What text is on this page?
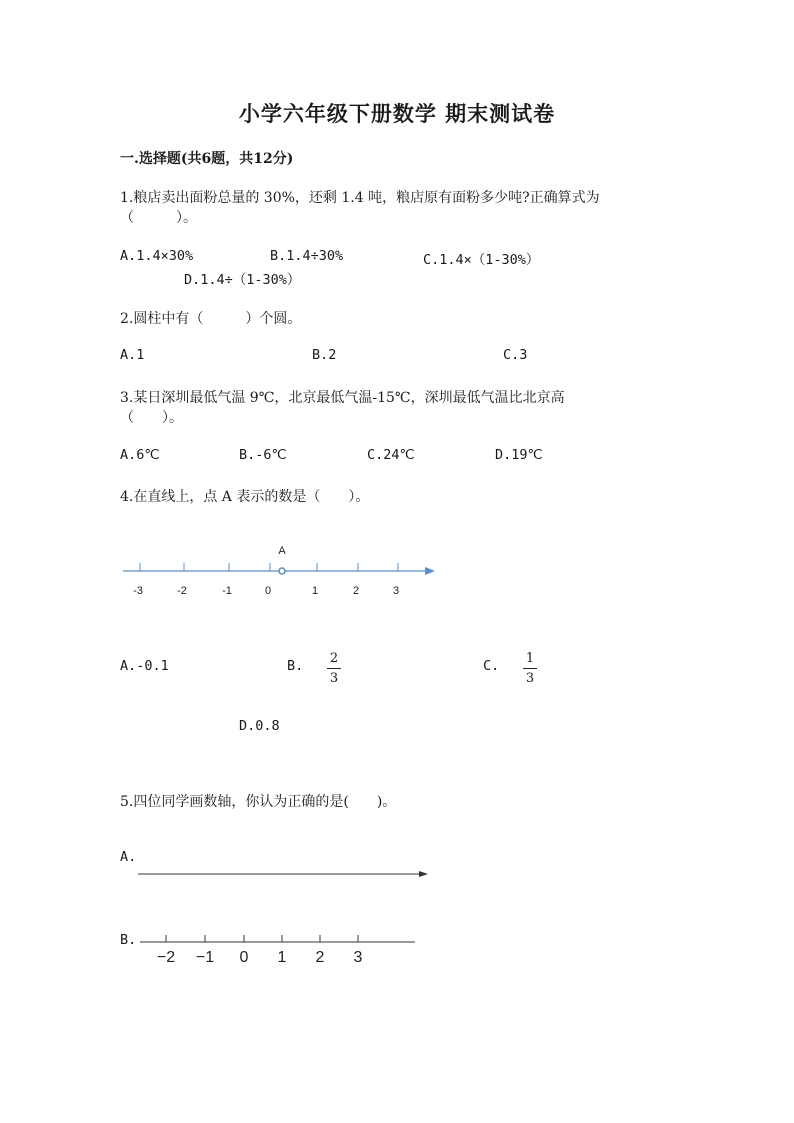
小学六年级下册数学 期末测试卷
一.选择题(共6题，共12分)
1.粮店卖出面粉总量的 30%，还剩 1.4 吨，粮店原有面粉多少吨?正确算式为
（　　　）。
A.1.4×30%	B.1.4÷30%	C.1.4×（1-30%）
D.1.4÷（1-30%）
2.圆柱中有（　　　）个圆。
A.1	B.2	C.3
3.某日深圳最低气温 9℃，北京最低气温-15℃，深圳最低气温比北京高
（　　）。
A.6℃	B.-6℃	C.24℃	D.19℃
4.在直线上，点 A 表示的数是（　　）。
-3	-2	-1	0	1	2	3
A
A.-0.1	B. 2
3
C. 1
3
D.0.8
5.四位同学画数轴，你认为正确的是(　　)。
A.
B.
−2 −1 0 1 2 3
